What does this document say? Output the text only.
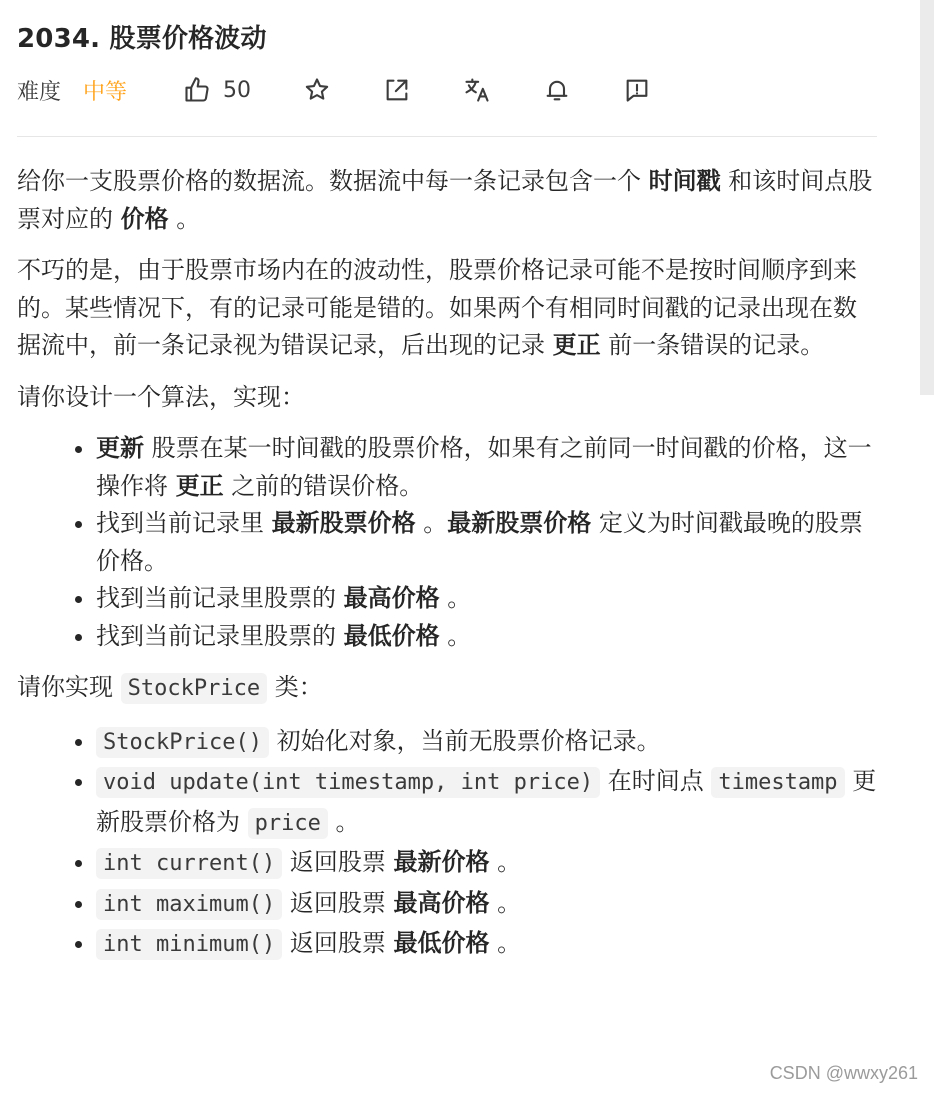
2034. 股票价格波动
难度 中等	50

给你一支股票价格的数据流。数据流中每一条记录包含一个 时间戳 和该时间点股票对应的 价格 。

不巧的是，由于股票市场内在的波动性，股票价格记录可能不是按时间顺序到来的。某些情况下，有的记录可能是错的。如果两个有相同时间戳的记录出现在数据流中，前一条记录视为错误记录，后出现的记录 更正 前一条错误的记录。

请你设计一个算法，实现：

• 更新 股票在某一时间戳的股票价格，如果有之前同一时间戳的价格，这一操作将 更正 之前的错误价格。
• 找到当前记录里 最新股票价格 。最新股票价格 定义为时间戳最晚的股票价格。
• 找到当前记录里股票的 最高价格 。
• 找到当前记录里股票的 最低价格 。

请你实现 StockPrice 类：

• StockPrice() 初始化对象，当前无股票价格记录。
• void update(int timestamp, int price) 在时间点 timestamp 更新股票价格为 price 。
• int current() 返回股票 最新价格 。
• int maximum() 返回股票 最高价格 。
• int minimum() 返回股票 最低价格 。
CSDN @wwxy261
